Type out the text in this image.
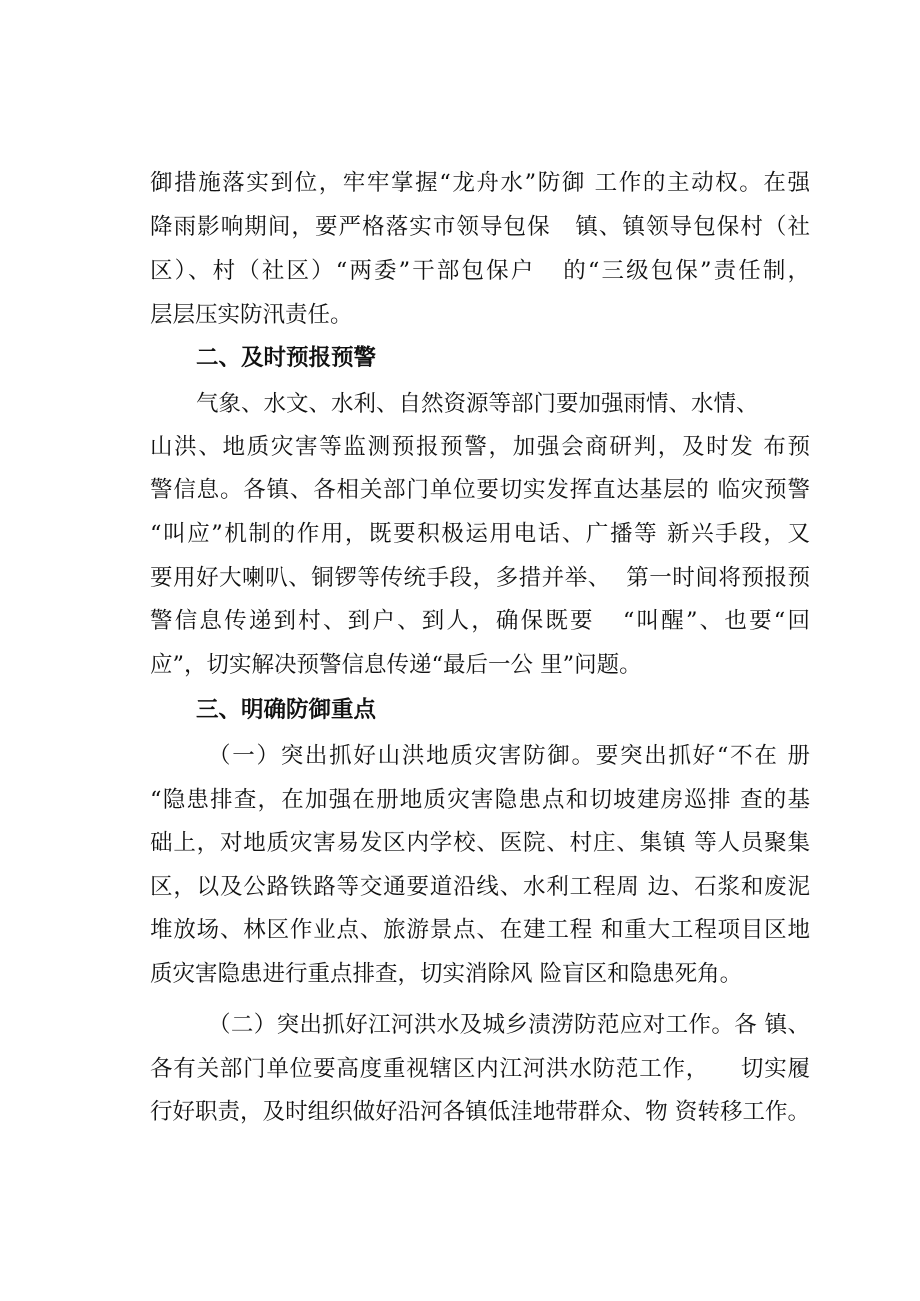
御措施落实到位，牢牢掌握“龙舟水”防御 工作的主动权。在强
降雨影响期间，要严格落实市领导包保   镇、镇领导包保村（社
区）、村（社区）“两委”干部包保户   的“三级包保”责任制，
层层压实防汛责任。
二、及时预报预警
气象、水文、水利、自然资源等部门要加强雨情、水情、
山洪、地质灾害等监测预报预警，加强会商研判，及时发 布预
警信息。各镇、各相关部门单位要切实发挥直达基层的 临灾预警
“叫应”机制的作用，既要积极运用电话、广播等 新兴手段，又
要用好大喇叭、铜锣等传统手段，多措并举、  第一时间将预报预
警信息传递到村、到户、到人，确保既要   “叫醒”、也要“回
应”，切实解决预警信息传递“最后一公 里”问题。
三、明确防御重点
（一）突出抓好山洪地质灾害防御。要突出抓好“不在 册
“隐患排查，在加强在册地质灾害隐患点和切坡建房巡排 查的基
础上，对地质灾害易发区内学校、医院、村庄、集镇 等人员聚集
区，以及公路铁路等交通要道沿线、水利工程周 边、石浆和废泥
堆放场、林区作业点、旅游景点、在建工程 和重大工程项目区地
质灾害隐患进行重点排查，切实消除风 险盲区和隐患死角。
（二）突出抓好江河洪水及城乡渍涝防范应对工作。各 镇、
各有关部门单位要高度重视辖区内江河洪水防范工作，    切实履
行好职责，及时组织做好沿河各镇低洼地带群众、物 资转移工作。
